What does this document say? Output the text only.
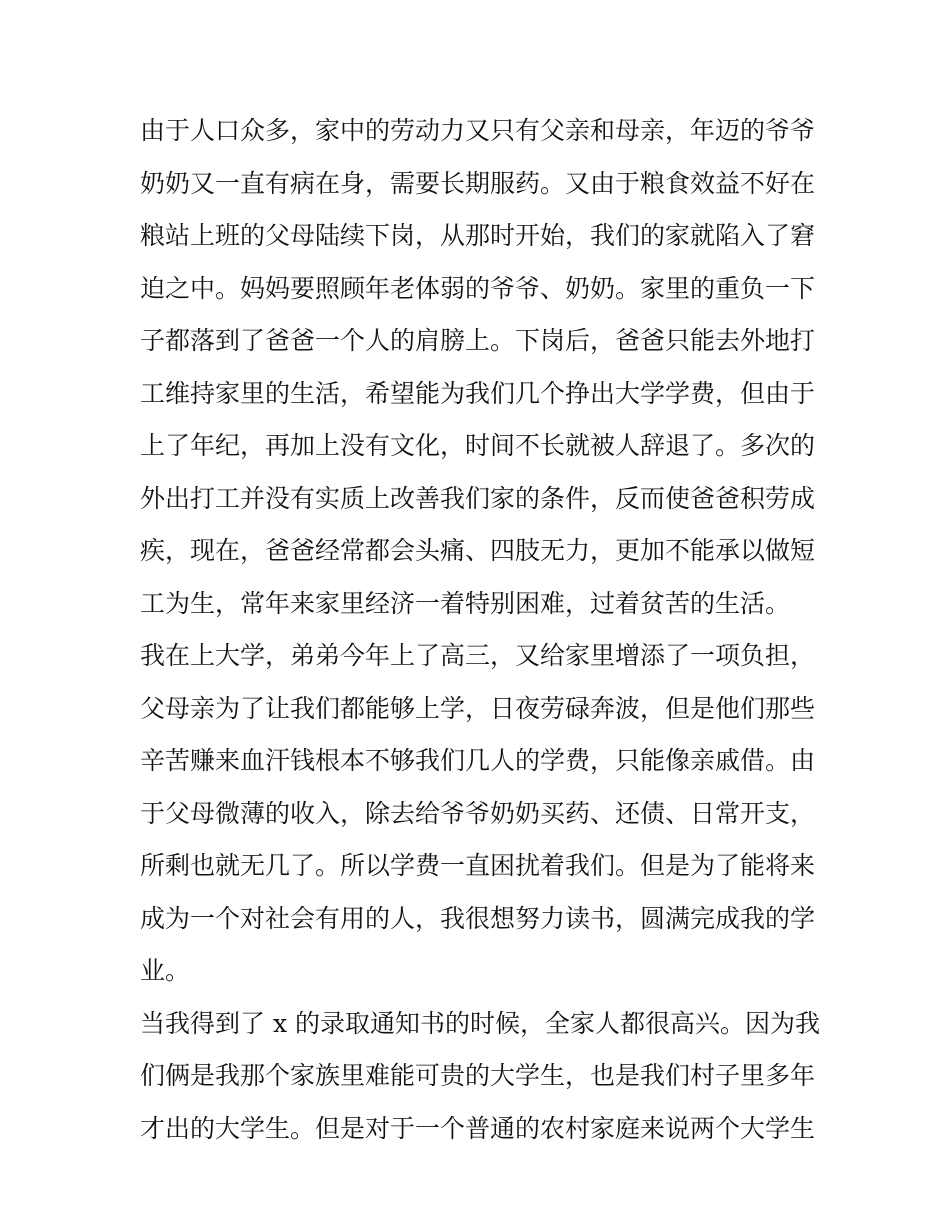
由于人口众多，家中的劳动力又只有父亲和母亲，年迈的爷爷
奶奶又一直有病在身，需要长期服药。又由于粮食效益不好在
粮站上班的父母陆续下岗，从那时开始，我们的家就陷入了窘
迫之中。妈妈要照顾年老体弱的爷爷、奶奶。家里的重负一下
子都落到了爸爸一个人的肩膀上。下岗后，爸爸只能去外地打
工维持家里的生活，希望能为我们几个挣出大学学费，但由于
上了年纪，再加上没有文化，时间不长就被人辞退了。多次的
外出打工并没有实质上改善我们家的条件，反而使爸爸积劳成
疾，现在，爸爸经常都会头痛、四肢无力，更加不能承以做短
工为生，常年来家里经济一着特别困难，过着贫苦的生活。
我在上大学，弟弟今年上了高三，又给家里增添了一项负担，
父母亲为了让我们都能够上学，日夜劳碌奔波，但是他们那些
辛苦赚来血汗钱根本不够我们几人的学费，只能像亲戚借。由
于父母微薄的收入，除去给爷爷奶奶买药、还债、日常开支，
所剩也就无几了。所以学费一直困扰着我们。但是为了能将来
成为一个对社会有用的人，我很想努力读书，圆满完成我的学
业。
当我得到了 x 的录取通知书的时候，全家人都很高兴。因为我
们俩是我那个家族里难能可贵的大学生，也是我们村子里多年
才出的大学生。但是对于一个普通的农村家庭来说两个大学生
